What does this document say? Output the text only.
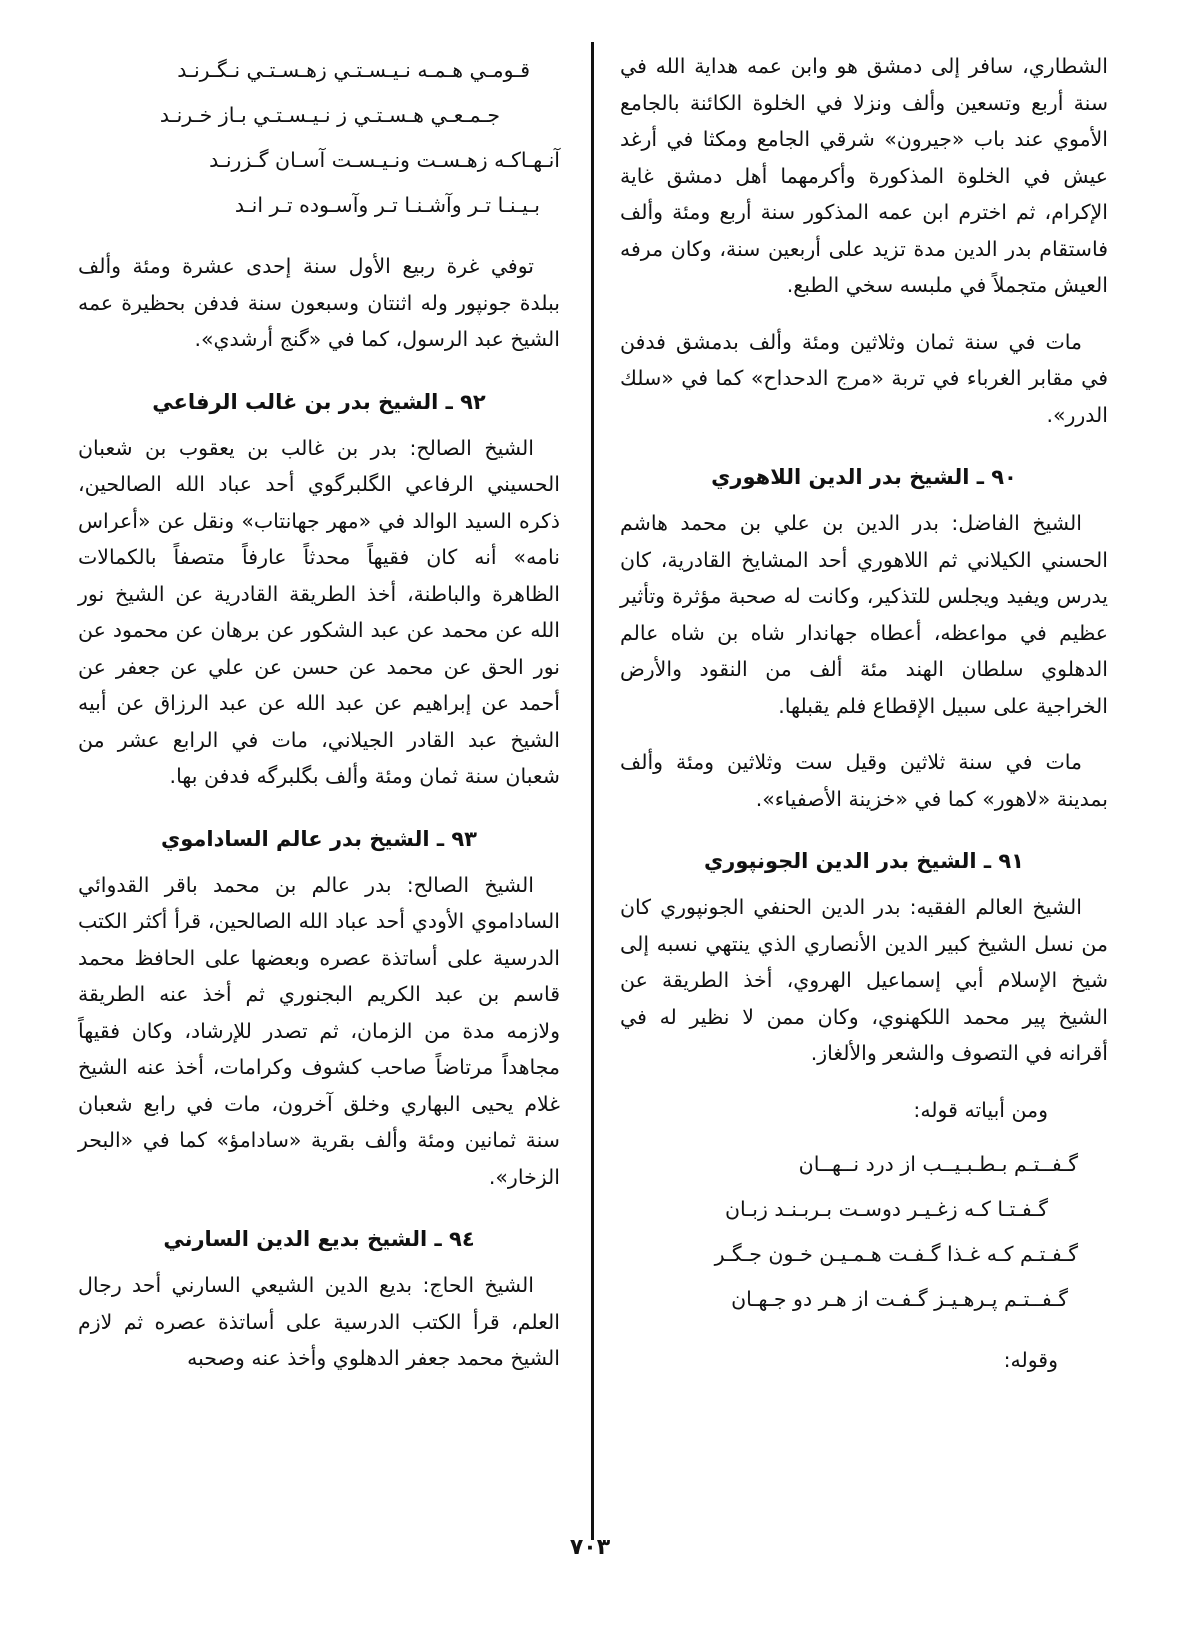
الشطاري، سافر إلى دمشق هو وابن عمه هداية الله في سنة أربع وتسعين وألف ونزلا في الخلوة الكائنة بالجامع الأموي عند باب «جيرون» شرقي الجامع ومكثا في أرغد عيش في الخلوة المذكورة وأكرمهما أهل دمشق غاية الإكرام، ثم اخترم ابن عمه المذكور سنة أربع ومئة وألف فاستقام بدر الدين مدة تزيد على أربعين سنة، وكان مرفه العيش متجملاً في ملبسه سخي الطبع.

مات في سنة ثمان وثلاثين ومئة وألف بدمشق فدفن في مقابر الغرباء في تربة «مرج الدحداح» كما في «سلك الدرر».

٩٠ ـ الشيخ بدر الدين اللاهوري

الشيخ الفاضل: بدر الدين بن علي بن محمد هاشم الحسني الكيلاني ثم اللاهوري أحد المشايخ القادرية، كان يدرس ويفيد ويجلس للتذكير، وكانت له صحبة مؤثرة وتأثير عظيم في مواعظه، أعطاه جهاندار شاه بن شاه عالم الدهلوي سلطان الهند مئة ألف من النقود والأرض الخراجية على سبيل الإقطاع فلم يقبلها.

مات في سنة ثلاثين وقيل ست وثلاثين ومئة وألف بمدينة «لاهور» كما في «خزينة الأصفياء».

٩١ ـ الشيخ بدر الدين الجونپوري

الشيخ العالم الفقيه: بدر الدين الحنفي الجونپوري كان من نسل الشيخ كبير الدين الأنصاري الذي ينتهي نسبه إلى شيخ الإسلام أبي إسماعيل الهروي، أخذ الطريقة عن الشيخ پير محمد اللكهنوي، وكان ممن لا نظير له في أقرانه في التصوف والشعر والألغاز.

ومن أبياته قوله:
گـفــتـم بـطـبـيــب از درد نــهــان
گـفـتـا كـه زغـيـر دوسـت بـربـنـد زبـان
گـفـتـم كـه غـذا گـفـت هـمـيـن خـون جـگـر
گـفــتـم پـرهـيـز گـفـت از هـر دو جـهـان
وقوله:
قـومـي هـمـه نـيـسـتـي زهـسـتـي نـگـرنـد
جـمـعـي هـسـتـي ز نـيـسـتـي بـاز خـرنـد
آنـهـاكـه زهـسـت ونـيـسـت آسـان گـزرنـد
بـيـنـا تـر وآشـنـا تـر وآسـوده تـر انـد

توفي غرة ربيع الأول سنة إحدى عشرة ومئة وألف ببلدة جونپور وله اثنتان وسبعون سنة فدفن بحظيرة عمه الشيخ عبد الرسول، كما في «گنج أرشدي».

٩٢ ـ الشيخ بدر بن غالب الرفاعي

الشيخ الصالح: بدر بن غالب بن يعقوب بن شعبان الحسيني الرفاعي الگلبرگوي أحد عباد الله الصالحين، ذكره السيد الوالد في «مهر جهانتاب» ونقل عن «أعراس نامه» أنه كان فقيهاً محدثاً عارفاً متصفاً بالكمالات الظاهرة والباطنة، أخذ الطريقة القادرية عن الشيخ نور الله عن محمد عن عبد الشكور عن برهان عن محمود عن نور الحق عن محمد عن حسن عن علي عن جعفر عن أحمد عن إبراهيم عن عبد الله عن عبد الرزاق عن أبيه الشيخ عبد القادر الجيلاني، مات في الرابع عشر من شعبان سنة ثمان ومئة وألف بگلبرگه فدفن بها.

٩٣ ـ الشيخ بدر عالم الساداموي

الشيخ الصالح: بدر عالم بن محمد باقر القدوائي الساداموي الأودي أحد عباد الله الصالحين، قرأ أكثر الكتب الدرسية على أساتذة عصره وبعضها على الحافظ محمد قاسم بن عبد الكريم البجنوري ثم أخذ عنه الطريقة ولازمه مدة من الزمان، ثم تصدر للإرشاد، وكان فقيهاً مجاهداً مرتاضاً صاحب كشوف وكرامات، أخذ عنه الشيخ غلام يحيى البهاري وخلق آخرون، مات في رابع شعبان سنة ثمانين ومئة وألف بقرية «سادامؤ» كما في «البحر الزخار».

٩٤ ـ الشيخ بديع الدين السارني

الشيخ الحاج: بديع الدين الشيعي السارني أحد رجال العلم، قرأ الكتب الدرسية على أساتذة عصره ثم لازم الشيخ محمد جعفر الدهلوي وأخذ عنه وصحبه

٧٠٣
